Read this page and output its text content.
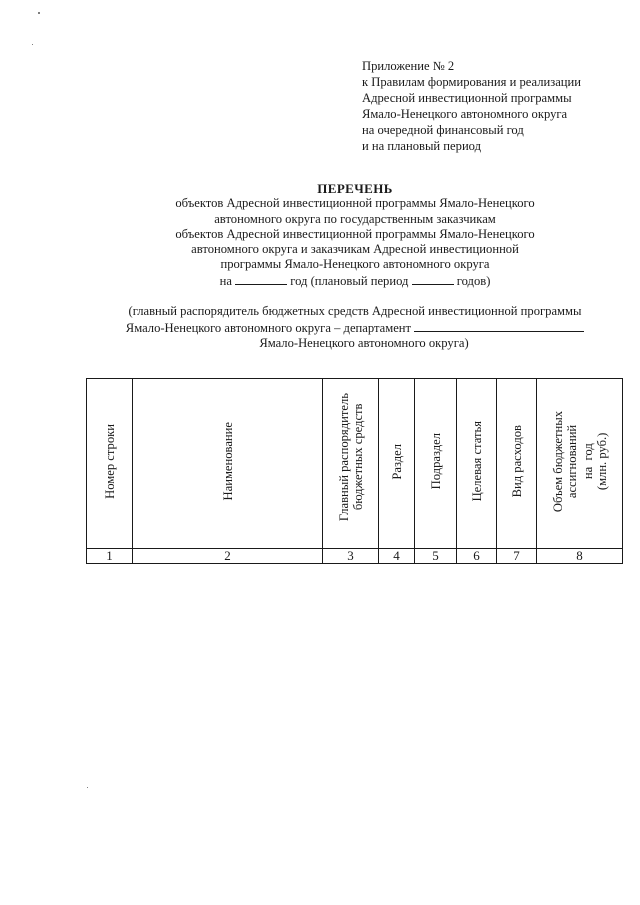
Приложение № 2
к Правилам формирования и реализации
Адресной инвестиционной программы
Ямало-Ненецкого автономного округа
на очередной финансовый год
и на плановый период
ПЕРЕЧЕНЬ
объектов Адресной инвестиционной программы Ямало-Ненецкого
автономного округа по государственным заказчикам
объектов Адресной инвестиционной программы Ямало-Ненецкого
автономного округа и заказчикам Адресной инвестиционной
программы Ямало-Ненецкого автономного округа
на	год (плановый период	годов)
(главный распорядитель бюджетных средств Адресной инвестиционной программы
Ямало-Ненецкого автономного округа – департамент
Ямало-Ненецкого автономного округа)
Номер строки	Наименование	Главный распорядитель
бюджетных средств	Раздел	Подраздел	Целевая статья	Вид расходов	Объем бюджетных
ассигнований на  год
(млн. руб.)
1	2	3	4	5	6	7	8
